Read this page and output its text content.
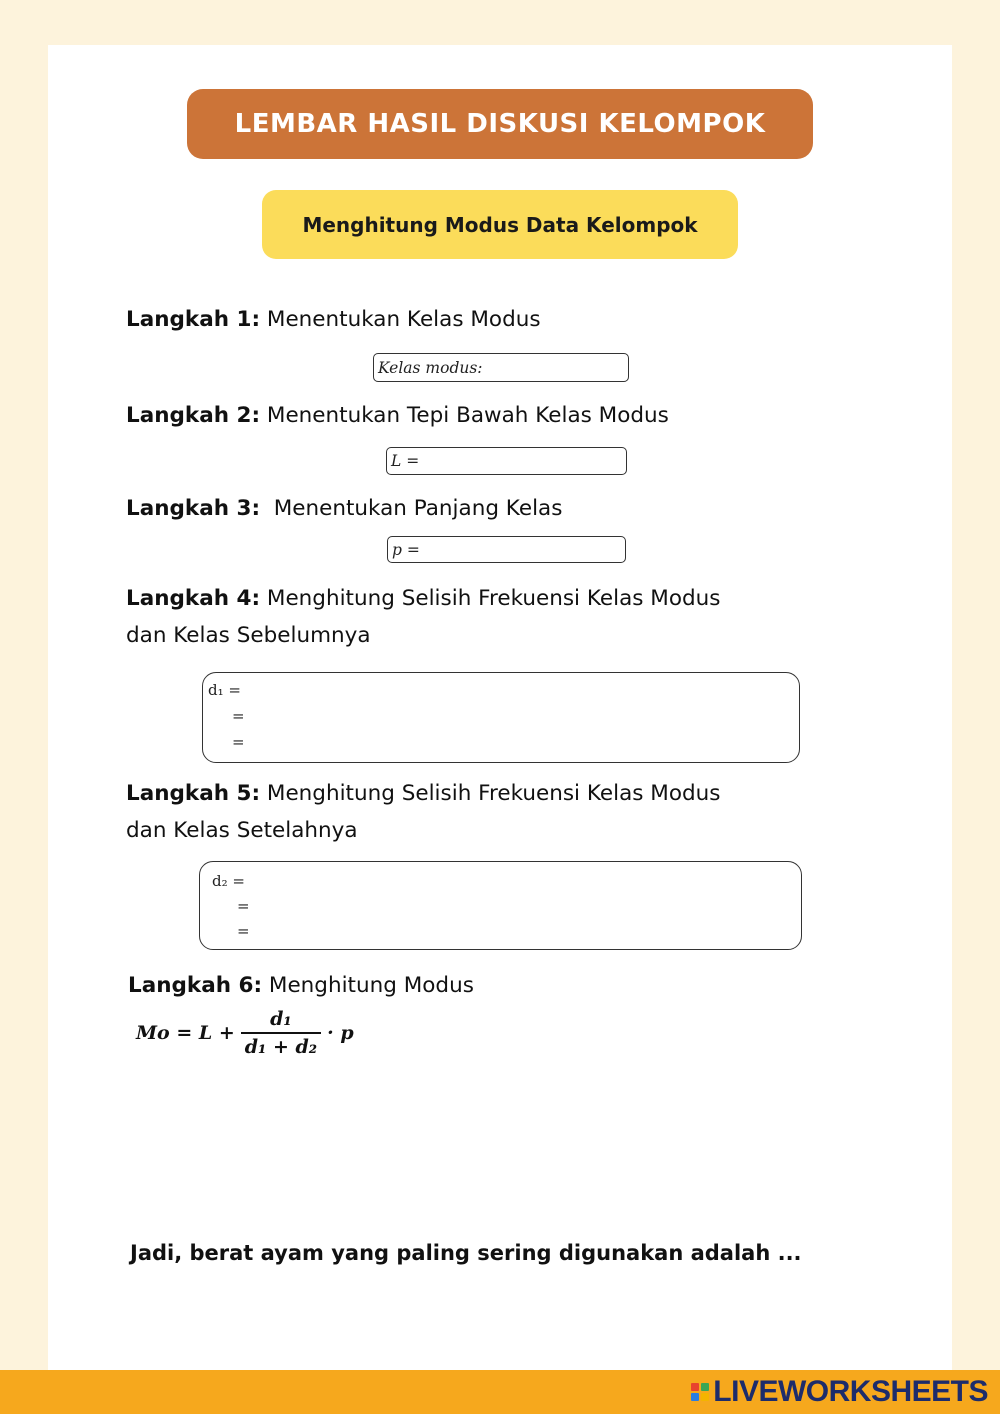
LEMBAR HASIL DISKUSI KELOMPOK
Menghitung Modus Data Kelompok
Langkah 1: Menentukan Kelas Modus
Kelas modus:
Langkah 2: Menentukan Tepi Bawah Kelas Modus
L =
Langkah 3:  Menentukan Panjang Kelas
p =
Langkah 4: Menghitung Selisih Frekuensi Kelas Modus
dan Kelas Sebelumnya
d₁ =
=
=
Langkah 5: Menghitung Selisih Frekuensi Kelas Modus
dan Kelas Setelahnya
d₂ =
=
=
Langkah 6: Menghitung Modus
$Mo = L + \frac{\text{d₁}}{\text{d₁ + d₂}} \cdot p$
Jadi, berat ayam yang paling sering digunakan adalah ...
LIVEWORKSHEETS
